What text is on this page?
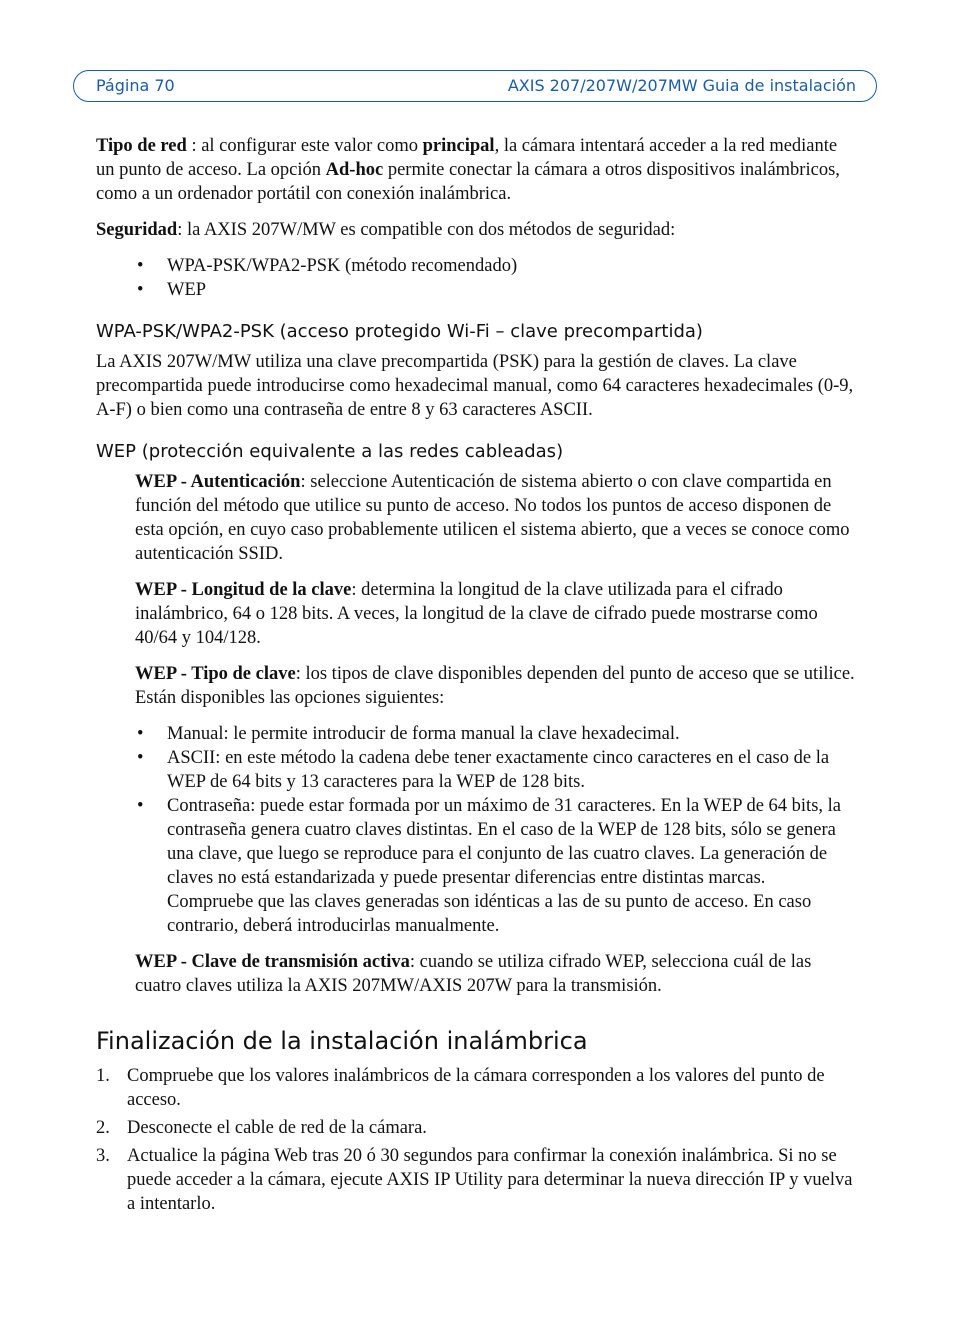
Página 70	AXIS 207/207W/207MW Guia de instalación

Tipo de red : al configurar este valor como principal, la cámara intentará acceder a la red mediante un punto de acceso. La opción Ad-hoc permite conectar la cámara a otros dispositivos inalámbricos, como a un ordenador portátil con conexión inalámbrica.

Seguridad: la AXIS 207W/MW es compatible con dos métodos de seguridad:

• WPA-PSK/WPA2-PSK (método recomendado)
• WEP
WPA-PSK/WPA2-PSK (acceso protegido Wi-Fi – clave precompartida)

La AXIS 207W/MW utiliza una clave precompartida (PSK) para la gestión de claves. La clave precompartida puede introducirse como hexadecimal manual, como 64 caracteres hexadecimales (0-9, A-F) o bien como una contraseña de entre 8 y 63 caracteres ASCII.

WEP (protección equivalente a las redes cableadas)

WEP - Autenticación: seleccione Autenticación de sistema abierto o con clave compartida en función del método que utilice su punto de acceso. No todos los puntos de acceso disponen de esta opción, en cuyo caso probablemente utilicen el sistema abierto, que a veces se conoce como autenticación SSID.

WEP - Longitud de la clave: determina la longitud de la clave utilizada para el cifrado inalámbrico, 64 o 128 bits. A veces, la longitud de la clave de cifrado puede mostrarse como 40/64 y 104/128.

WEP - Tipo de clave: los tipos de clave disponibles dependen del punto de acceso que se utilice. Están disponibles las opciones siguientes:

• Manual: le permite introducir de forma manual la clave hexadecimal.
• ASCII: en este método la cadena debe tener exactamente cinco caracteres en el caso de la WEP de 64 bits y 13 caracteres para la WEP de 128 bits.
• Contraseña: puede estar formada por un máximo de 31 caracteres. En la WEP de 64 bits, la contraseña genera cuatro claves distintas. En el caso de la WEP de 128 bits, sólo se genera una clave, que luego se reproduce para el conjunto de las cuatro claves. La generación de claves no está estandarizada y puede presentar diferencias entre distintas marcas. Compruebe que las claves generadas son idénticas a las de su punto de acceso. En caso contrario, deberá introducirlas manualmente.

WEP - Clave de transmisión activa: cuando se utiliza cifrado WEP, selecciona cuál de las cuatro claves utiliza la AXIS 207MW/AXIS 207W para la transmisión.

Finalización de la instalación inalámbrica
1. Compruebe que los valores inalámbricos de la cámara corresponden a los valores del punto de acceso.
2. Desconecte el cable de red de la cámara.
3. Actualice la página Web tras 20 ó 30 segundos para confirmar la conexión inalámbrica. Si no se puede acceder a la cámara, ejecute AXIS IP Utility para determinar la nueva dirección IP y vuelva a intentarlo.
